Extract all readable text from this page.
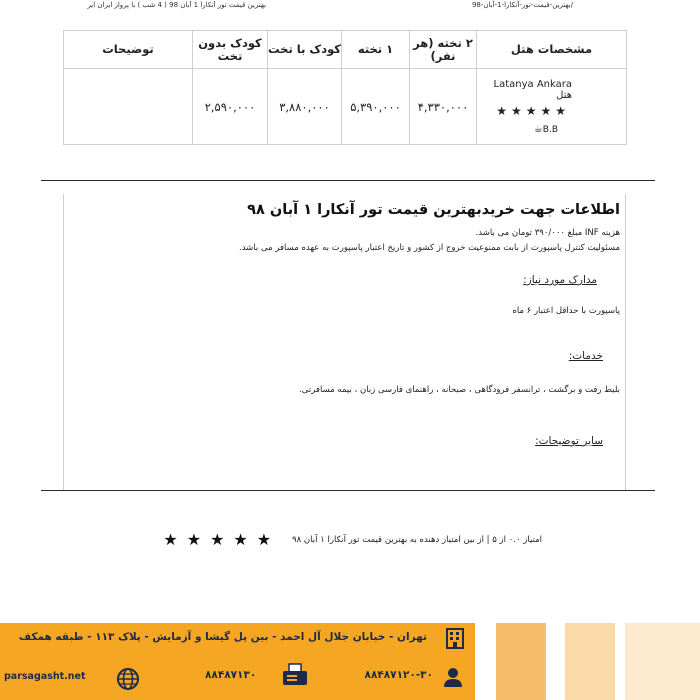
/بهترین-قیمت-تور-آنکارا-1-آبان-98
بهترین قیمت تور آنکارا 1 آبان 98 ( 4 شب ) با پرواز ایران ایر
مشخصات هتل	۲ تخته (هر نفر)	۱ تخته	کودک با تخت	کودک بدون تخت	توضیحات

Latanya Ankara هتل
★★★★★
☕B.B	۴,۳۳۰,۰۰۰	۵,۳۹۰,۰۰۰	۳,۸۸۰,۰۰۰	۲,۵۹۰,۰۰۰	
اطلاعات جهت خریدبهترین قیمت تور آنکارا ۱ آبان ۹۸
هزینه INF مبلغ ۳۹۰/۰۰۰ تومان می باشد.
مسئولیت کنترل پاسپورت از بابت ممنوعیت خروج از کشور و تاریخ اعتبار پاسپورت به عهده مسافر می باشد.
مدارک مورد نیاز:
پاسپورت با حداقل اعتبار ۶ ماه
خدمات:
بلیط رفت و برگشت ، ترانسفر فرودگاهی ، صبحانه ، راهنمای فارسی زبان ، بیمه مسافرتی.
سایر توضیحات:
امتیاز ۰.۰ از ۵ | از بین امتیاز دهنده به بهترین قیمت تور آنکارا ۱ آبان ۹۸
★★★★★
تهران - خیابان جلال آل احمد - بین پل گیشا و آزمایش - پلاک ۱۱۳ - طبقه همکف
۸۸۴۸۷۱۲۰-۳۰
۸۸۴۸۷۱۳۰
parsagasht.net
